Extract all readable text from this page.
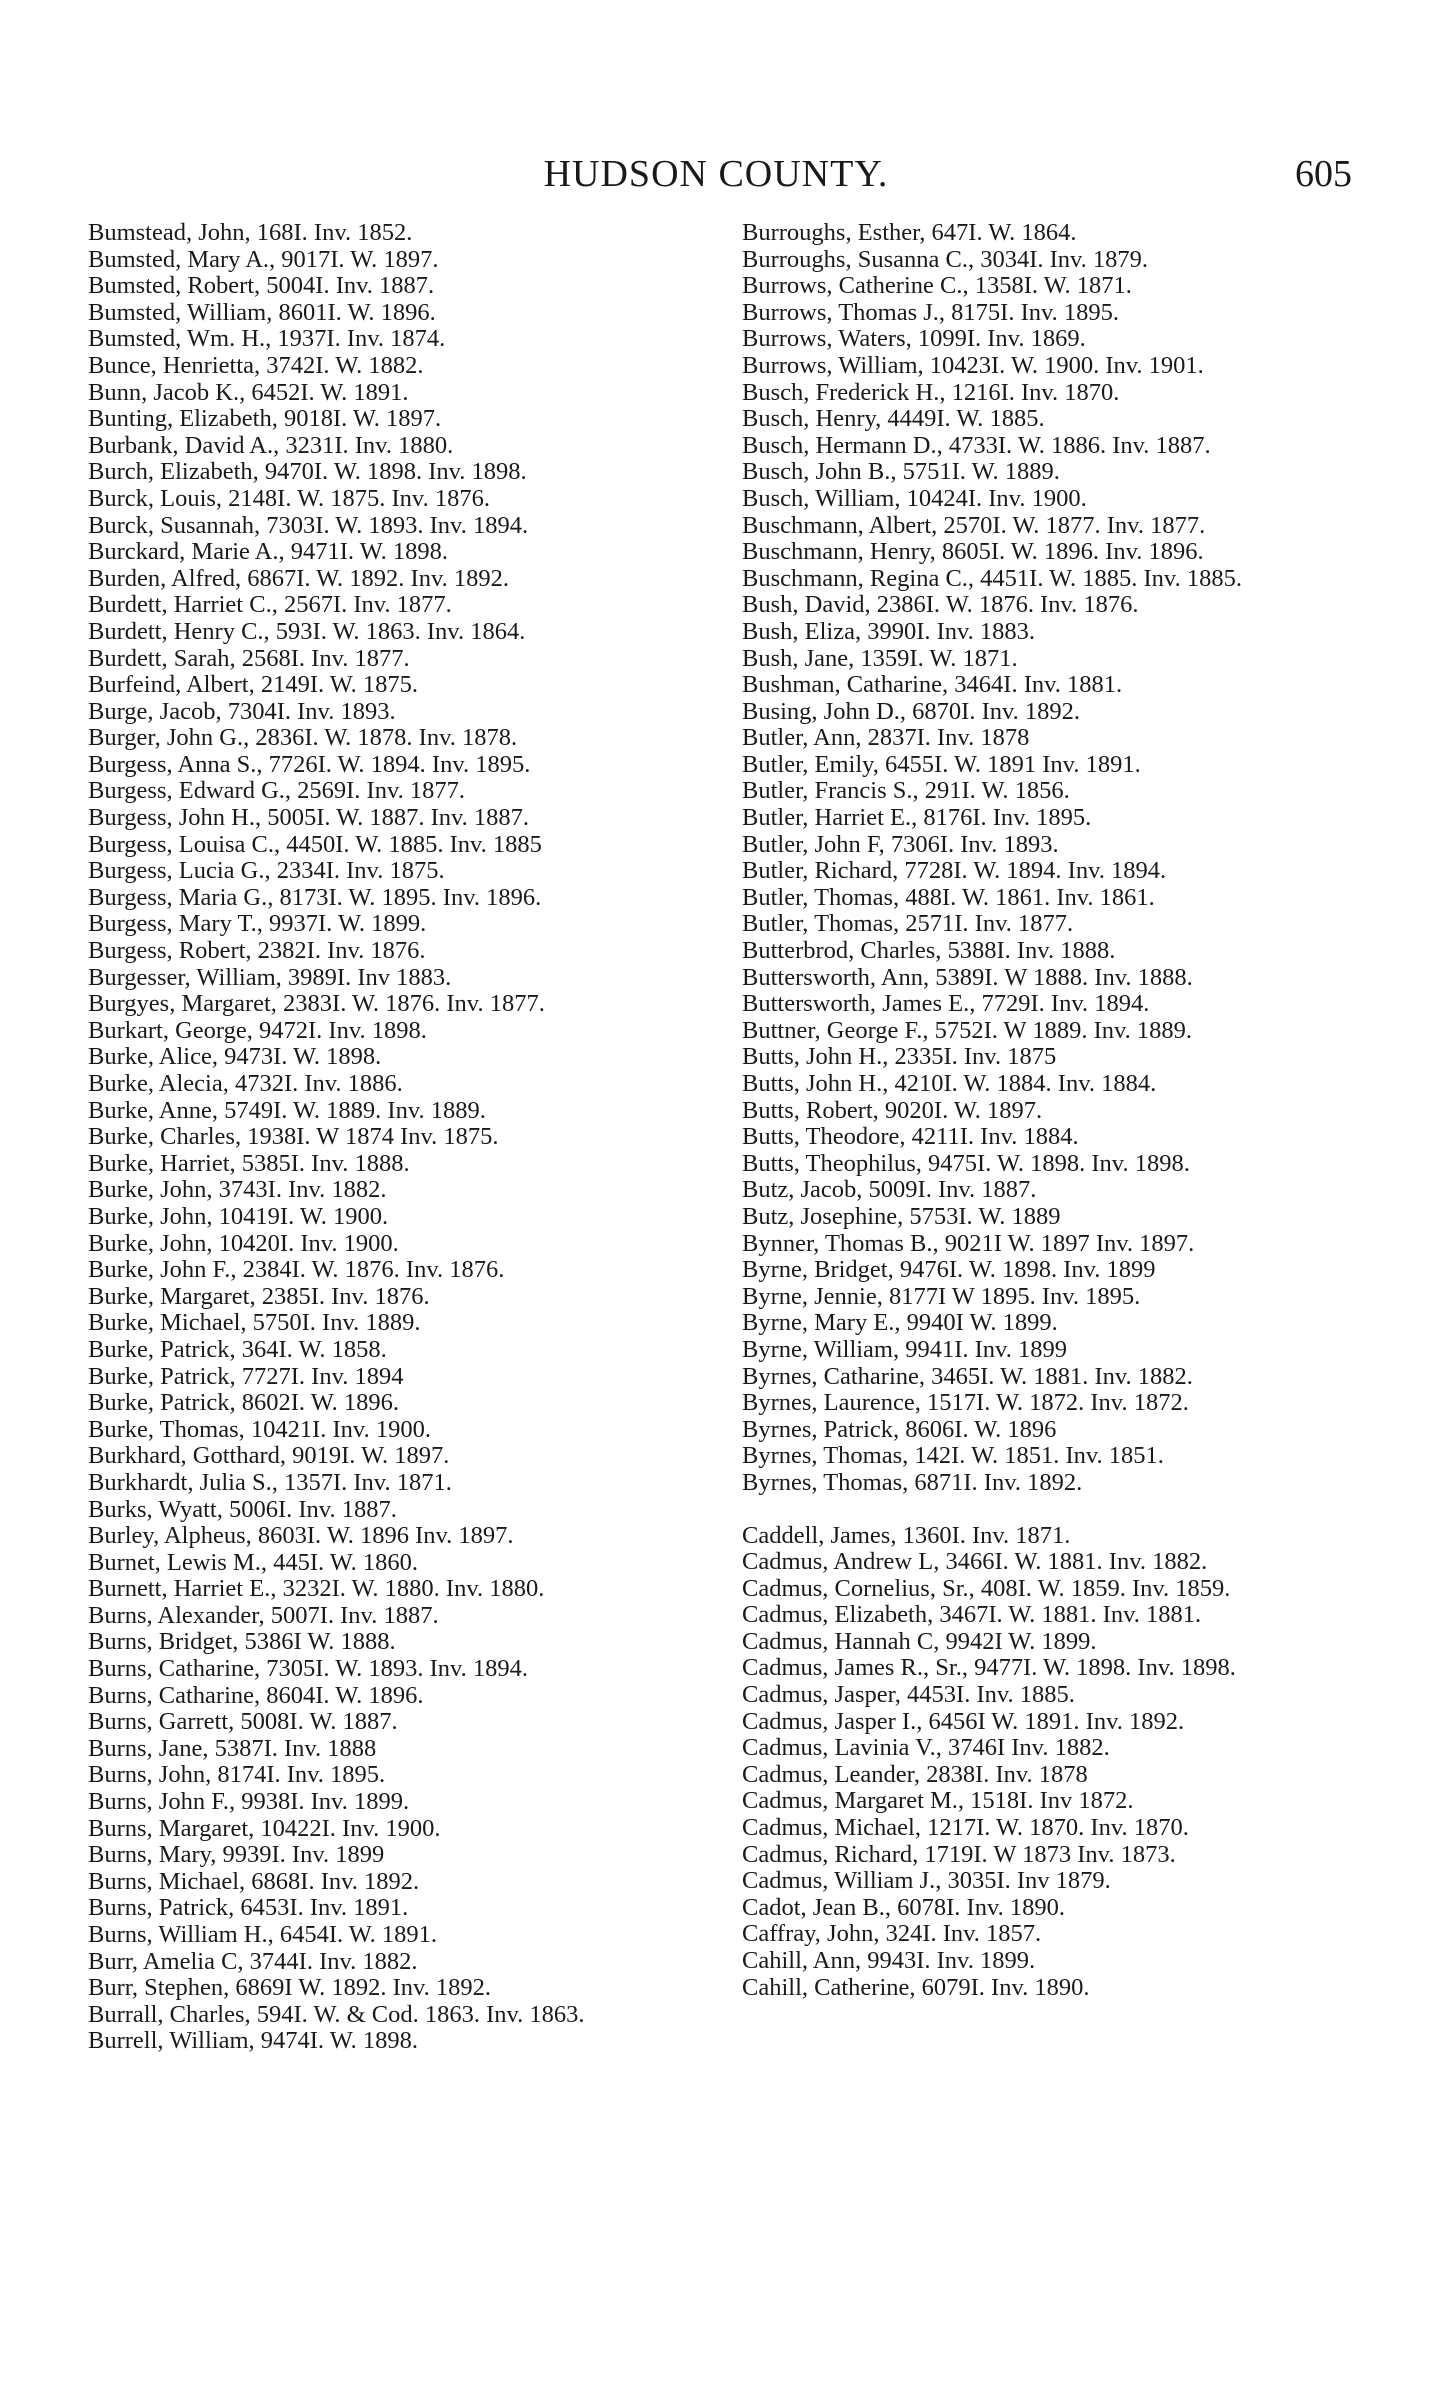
HUDSON COUNTY.	605
Bumstead, John, 168I. Inv. 1852.
Bumsted, Mary A., 9017I. W. 1897.
Bumsted, Robert, 5004I. Inv. 1887.
Bumsted, William, 8601I. W. 1896.
Bumsted, Wm. H., 1937I. Inv. 1874.
Bunce, Henrietta, 3742I. W. 1882.
Bunn, Jacob K., 6452I. W. 1891.
Bunting, Elizabeth, 9018I. W. 1897.
Burbank, David A., 3231I. Inv. 1880.
Burch, Elizabeth, 9470I. W. 1898. Inv. 1898.
Burck, Louis, 2148I. W. 1875. Inv. 1876.
Burck, Susannah, 7303I. W. 1893. Inv. 1894.
Burckard, Marie A., 9471I. W. 1898.
Burden, Alfred, 6867I. W. 1892. Inv. 1892.
Burdett, Harriet C., 2567I. Inv. 1877.
Burdett, Henry C., 593I. W. 1863. Inv. 1864.
Burdett, Sarah, 2568I. Inv. 1877.
Burfeind, Albert, 2149I. W. 1875.
Burge, Jacob, 7304I. Inv. 1893.
Burger, John G., 2836I. W. 1878. Inv. 1878.
Burgess, Anna S., 7726I. W. 1894. Inv. 1895.
Burgess, Edward G., 2569I. Inv. 1877.
Burgess, John H., 5005I. W. 1887. Inv. 1887.
Burgess, Louisa C., 4450I. W. 1885. Inv. 1885
Burgess, Lucia G., 2334I. Inv. 1875.
Burgess, Maria G., 8173I. W. 1895. Inv. 1896.
Burgess, Mary T., 9937I. W. 1899.
Burgess, Robert, 2382I. Inv. 1876.
Burgesser, William, 3989I. Inv 1883.
Burgyes, Margaret, 2383I. W. 1876. Inv. 1877.
Burkart, George, 9472I. Inv. 1898.
Burke, Alice, 9473I. W. 1898.
Burke, Alecia, 4732I. Inv. 1886.
Burke, Anne, 5749I. W. 1889. Inv. 1889.
Burke, Charles, 1938I. W 1874 Inv. 1875.
Burke, Harriet, 5385I. Inv. 1888.
Burke, John, 3743I. Inv. 1882.
Burke, John, 10419I. W. 1900.
Burke, John, 10420I. Inv. 1900.
Burke, John F., 2384I. W. 1876. Inv. 1876.
Burke, Margaret, 2385I. Inv. 1876.
Burke, Michael, 5750I. Inv. 1889.
Burke, Patrick, 364I. W. 1858.
Burke, Patrick, 7727I. Inv. 1894
Burke, Patrick, 8602I. W. 1896.
Burke, Thomas, 10421I. Inv. 1900.
Burkhard, Gotthard, 9019I. W. 1897.
Burkhardt, Julia S., 1357I. Inv. 1871.
Burks, Wyatt, 5006I. Inv. 1887.
Burley, Alpheus, 8603I. W. 1896 Inv. 1897.
Burnet, Lewis M., 445I. W. 1860.
Burnett, Harriet E., 3232I. W. 1880. Inv. 1880.
Burns, Alexander, 5007I. Inv. 1887.
Burns, Bridget, 5386I W. 1888.
Burns, Catharine, 7305I. W. 1893. Inv. 1894.
Burns, Catharine, 8604I. W. 1896.
Burns, Garrett, 5008I. W. 1887.
Burns, Jane, 5387I. Inv. 1888
Burns, John, 8174I. Inv. 1895.
Burns, John F., 9938I. Inv. 1899.
Burns, Margaret, 10422I. Inv. 1900.
Burns, Mary, 9939I. Inv. 1899
Burns, Michael, 6868I. Inv. 1892.
Burns, Patrick, 6453I. Inv. 1891.
Burns, William H., 6454I. W. 1891.
Burr, Amelia C, 3744I. Inv. 1882.
Burr, Stephen, 6869I W. 1892. Inv. 1892.
Burrall, Charles, 594I. W. & Cod. 1863. Inv. 1863.
Burrell, William, 9474I. W. 1898.
Burroughs, Esther, 647I. W. 1864.
Burroughs, Susanna C., 3034I. Inv. 1879.
Burrows, Catherine C., 1358I. W. 1871.
Burrows, Thomas J., 8175I. Inv. 1895.
Burrows, Waters, 1099I. Inv. 1869.
Burrows, William, 10423I. W. 1900. Inv. 1901.
Busch, Frederick H., 1216I. Inv. 1870.
Busch, Henry, 4449I. W. 1885.
Busch, Hermann D., 4733I. W. 1886. Inv. 1887.
Busch, John B., 5751I. W. 1889.
Busch, William, 10424I. Inv. 1900.
Buschmann, Albert, 2570I. W. 1877. Inv. 1877.
Buschmann, Henry, 8605I. W. 1896. Inv. 1896.
Buschmann, Regina C., 4451I. W. 1885. Inv. 1885.
Bush, David, 2386I. W. 1876. Inv. 1876.
Bush, Eliza, 3990I. Inv. 1883.
Bush, Jane, 1359I. W. 1871.
Bushman, Catharine, 3464I. Inv. 1881.
Busing, John D., 6870I. Inv. 1892.
Butler, Ann, 2837I. Inv. 1878
Butler, Emily, 6455I. W. 1891 Inv. 1891.
Butler, Francis S., 291I. W. 1856.
Butler, Harriet E., 8176I. Inv. 1895.
Butler, John F, 7306I. Inv. 1893.
Butler, Richard, 7728I. W. 1894. Inv. 1894.
Butler, Thomas, 488I. W. 1861. Inv. 1861.
Butler, Thomas, 2571I. Inv. 1877.
Butterbrod, Charles, 5388I. Inv. 1888.
Buttersworth, Ann, 5389I. W 1888. Inv. 1888.
Buttersworth, James E., 7729I. Inv. 1894.
Buttner, George F., 5752I. W 1889. Inv. 1889.
Butts, John H., 2335I. Inv. 1875
Butts, John H., 4210I. W. 1884. Inv. 1884.
Butts, Robert, 9020I. W. 1897.
Butts, Theodore, 4211I. Inv. 1884.
Butts, Theophilus, 9475I. W. 1898. Inv. 1898.
Butz, Jacob, 5009I. Inv. 1887.
Butz, Josephine, 5753I. W. 1889
Bynner, Thomas B., 9021I W. 1897 Inv. 1897.
Byrne, Bridget, 9476I. W. 1898. Inv. 1899
Byrne, Jennie, 8177I W 1895. Inv. 1895.
Byrne, Mary E., 9940I W. 1899.
Byrne, William, 9941I. Inv. 1899
Byrnes, Catharine, 3465I. W. 1881. Inv. 1882.
Byrnes, Laurence, 1517I. W. 1872. Inv. 1872.
Byrnes, Patrick, 8606I. W. 1896
Byrnes, Thomas, 142I. W. 1851. Inv. 1851.
Byrnes, Thomas, 6871I. Inv. 1892.
Caddell, James, 1360I. Inv. 1871.
Cadmus, Andrew L, 3466I. W. 1881. Inv. 1882.
Cadmus, Cornelius, Sr., 408I. W. 1859. Inv. 1859.
Cadmus, Elizabeth, 3467I. W. 1881. Inv. 1881.
Cadmus, Hannah C, 9942I W. 1899.
Cadmus, James R., Sr., 9477I. W. 1898. Inv. 1898.
Cadmus, Jasper, 4453I. Inv. 1885.
Cadmus, Jasper I., 6456I W. 1891. Inv. 1892.
Cadmus, Lavinia V., 3746I Inv. 1882.
Cadmus, Leander, 2838I. Inv. 1878
Cadmus, Margaret M., 1518I. Inv 1872.
Cadmus, Michael, 1217I. W. 1870. Inv. 1870.
Cadmus, Richard, 1719I. W 1873 Inv. 1873.
Cadmus, William J., 3035I. Inv 1879.
Cadot, Jean B., 6078I. Inv. 1890.
Caffray, John, 324I. Inv. 1857.
Cahill, Ann, 9943I. Inv. 1899.
Cahill, Catherine, 6079I. Inv. 1890.
